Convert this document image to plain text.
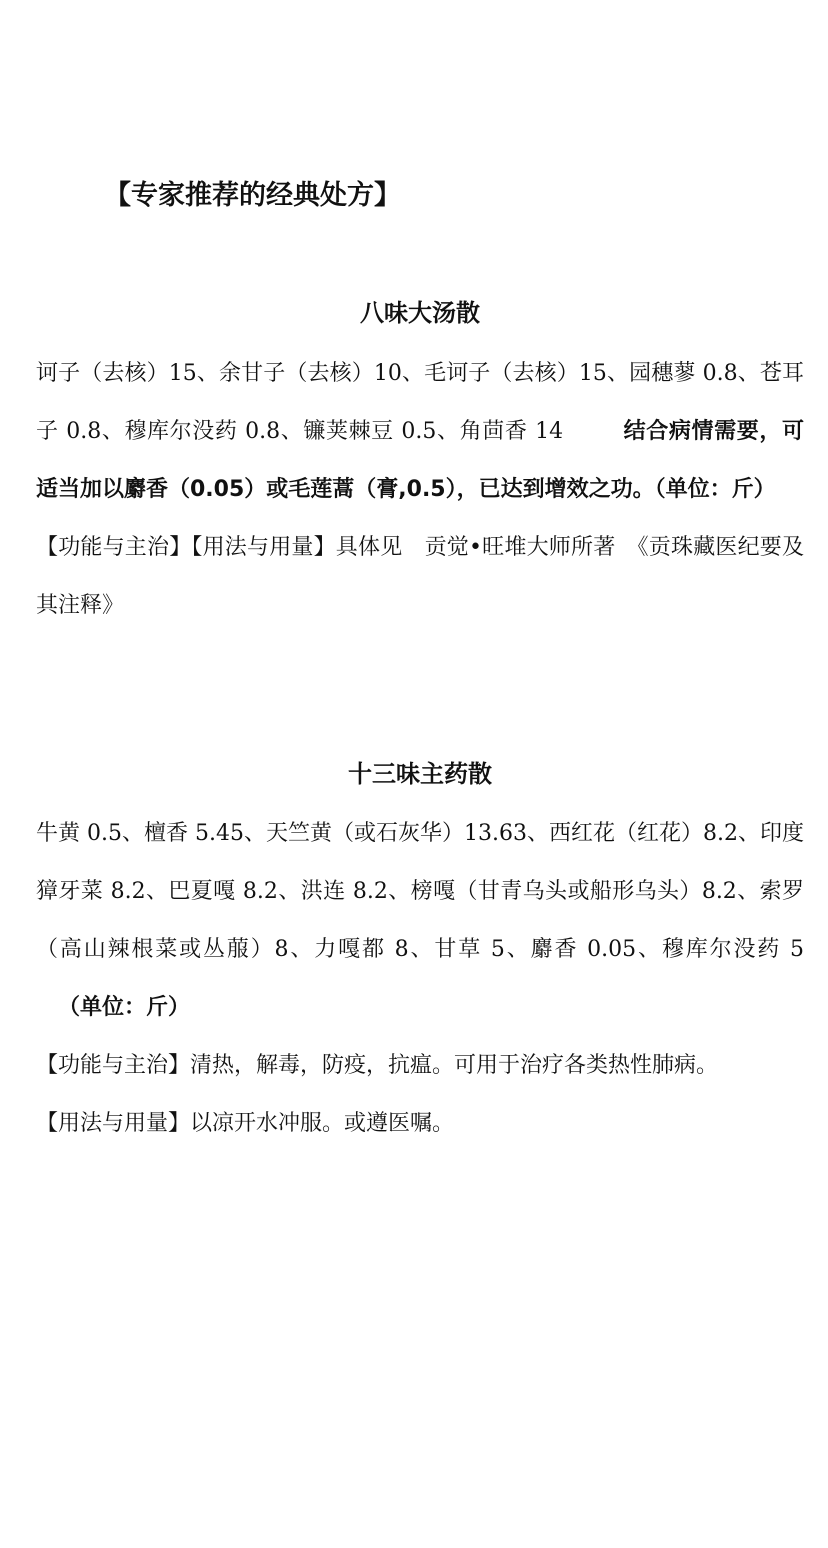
【专家推荐的经典处方】
八味大汤散
诃子（去核）15、余甘子（去核）10、毛诃子（去核）15、园穗蓼 0.8、苍耳子 0.8、穆库尔没药 0.8、镰荚棘豆 0.5、角茴香 14	结合病情需要，可适当加以麝香（0.05）或毛莲蒿（膏,0.5），已达到增效之功。（单位：斤）
【功能与主治】【用法与用量】具体见　贡觉•旺堆大师所著　《贡珠藏医纪要及其注释》
十三味主药散
牛黄 0.5、檀香 5.45、天竺黄（或石灰华）13.63、西红花（红花）8.2、印度獐牙菜 8.2、巴夏嘎 8.2、洪连 8.2、榜嘎（甘青乌头或船形乌头）8.2、索罗（高山辣根菜或丛菔）8、力嘎都 8、甘草 5、麝香 0.05、穆库尔没药 5（单位：斤）
【功能与主治】清热，解毒，防疫，抗瘟。可用于治疗各类热性肺病。
【用法与用量】以凉开水冲服。或遵医嘱。
